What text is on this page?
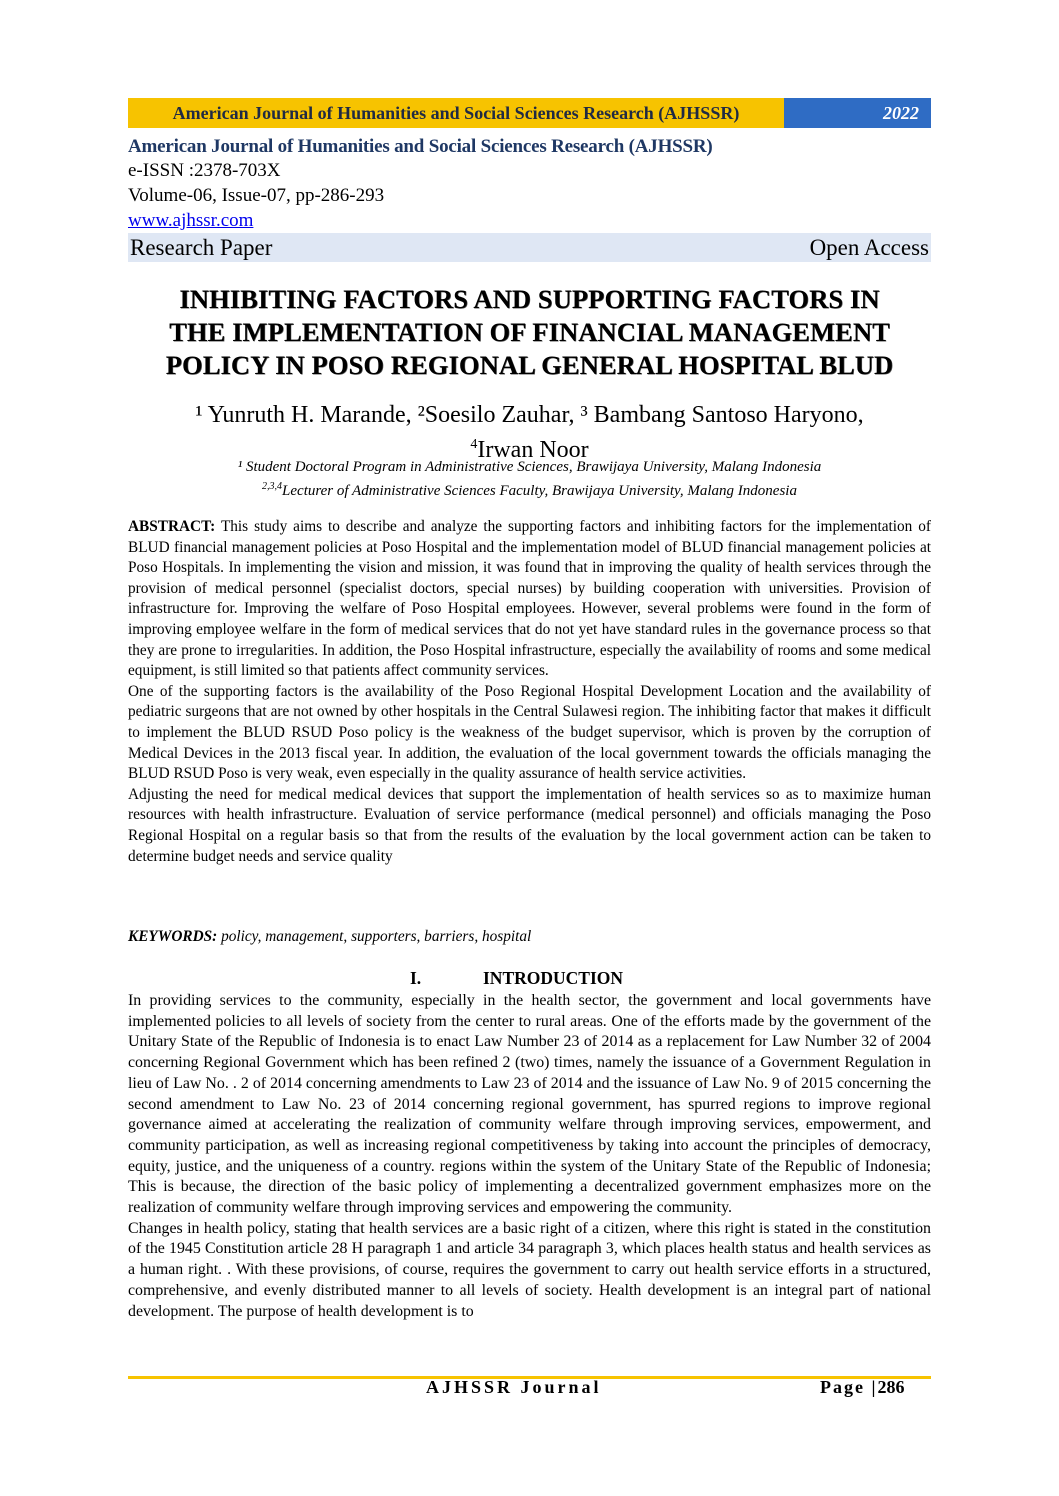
American Journal of Humanities and Social Sciences Research (AJHSSR)	2022
American Journal of Humanities and Social Sciences Research (AJHSSR)
e-ISSN :2378-703X
Volume-06, Issue-07, pp-286-293
www.ajhssr.com
Research Paper	Open Access
INHIBITING FACTORS AND SUPPORTING FACTORS IN
THE IMPLEMENTATION OF FINANCIAL MANAGEMENT
POLICY IN POSO REGIONAL GENERAL HOSPITAL BLUD
¹ Yunruth H. Marande, ²Soesilo Zauhar, ³ Bambang Santoso Haryono,
$^4$Irwan Noor
¹ Student Doctoral Program in Administrative Sciences, Brawijaya University, Malang Indonesia
$^{2,3,4}$Lecturer of Administrative Sciences Faculty, Brawijaya University, Malang Indonesia

ABSTRACT: This study aims to describe and analyze the supporting factors and inhibiting factors for the implementation of BLUD financial management policies at Poso Hospital and the implementation model of BLUD financial management policies at Poso Hospitals. In implementing the vision and mission, it was found that in improving the quality of health services through the provision of medical personnel (specialist doctors, special nurses) by building cooperation with universities. Provision of infrastructure for. Improving the welfare of Poso Hospital employees. However, several problems were found in the form of improving employee welfare in the form of medical services that do not yet have standard rules in the governance process so that they are prone to irregularities. In addition, the Poso Hospital infrastructure, especially the availability of rooms and some medical equipment, is still limited so that patients affect community services.

One of the supporting factors is the availability of the Poso Regional Hospital Development Location and the availability of pediatric surgeons that are not owned by other hospitals in the Central Sulawesi region. The inhibiting factor that makes it difficult to implement the BLUD RSUD Poso policy is the weakness of the budget supervisor, which is proven by the corruption of Medical Devices in the 2013 fiscal year. In addition, the evaluation of the local government towards the officials managing the BLUD RSUD Poso is very weak, even especially in the quality assurance of health service activities.

Adjusting the need for medical medical devices that support the implementation of health services so as to maximize human resources with health infrastructure. Evaluation of service performance (medical personnel) and officials managing the Poso Regional Hospital on a regular basis so that from the results of the evaluation by the local government action can be taken to determine budget needs and service quality

KEYWORDS: policy, management, supporters, barriers, hospital
I.	INTRODUCTION

In providing services to the community, especially in the health sector, the government and local governments have implemented policies to all levels of society from the center to rural areas. One of the efforts made by the government of the Unitary State of the Republic of Indonesia is to enact Law Number 23 of 2014 as a replacement for Law Number 32 of 2004 concerning Regional Government which has been refined 2 (two) times, namely the issuance of a Government Regulation in lieu of Law No. . 2 of 2014 concerning amendments to Law 23 of 2014 and the issuance of Law No. 9 of 2015 concerning the second amendment to Law No. 23 of 2014 concerning regional government, has spurred regions to improve regional governance aimed at accelerating the realization of community welfare through improving services, empowerment, and community participation, as well as increasing regional competitiveness by taking into account the principles of democracy, equity, justice, and the uniqueness of a country. regions within the system of the Unitary State of the Republic of Indonesia; This is because, the direction of the basic policy of implementing a decentralized government emphasizes more on the realization of community welfare through improving services and empowering the community.

Changes in health policy, stating that health services are a basic right of a citizen, where this right is stated in the constitution of the 1945 Constitution article 28 H paragraph 1 and article 34 paragraph 3, which places health status and health services as a human right. . With these provisions, of course, requires the government to carry out health service efforts in a structured, comprehensive, and evenly distributed manner to all levels of society. Health development is an integral part of national development. The purpose of health development is to

AJHSSR Journal	Page |286
